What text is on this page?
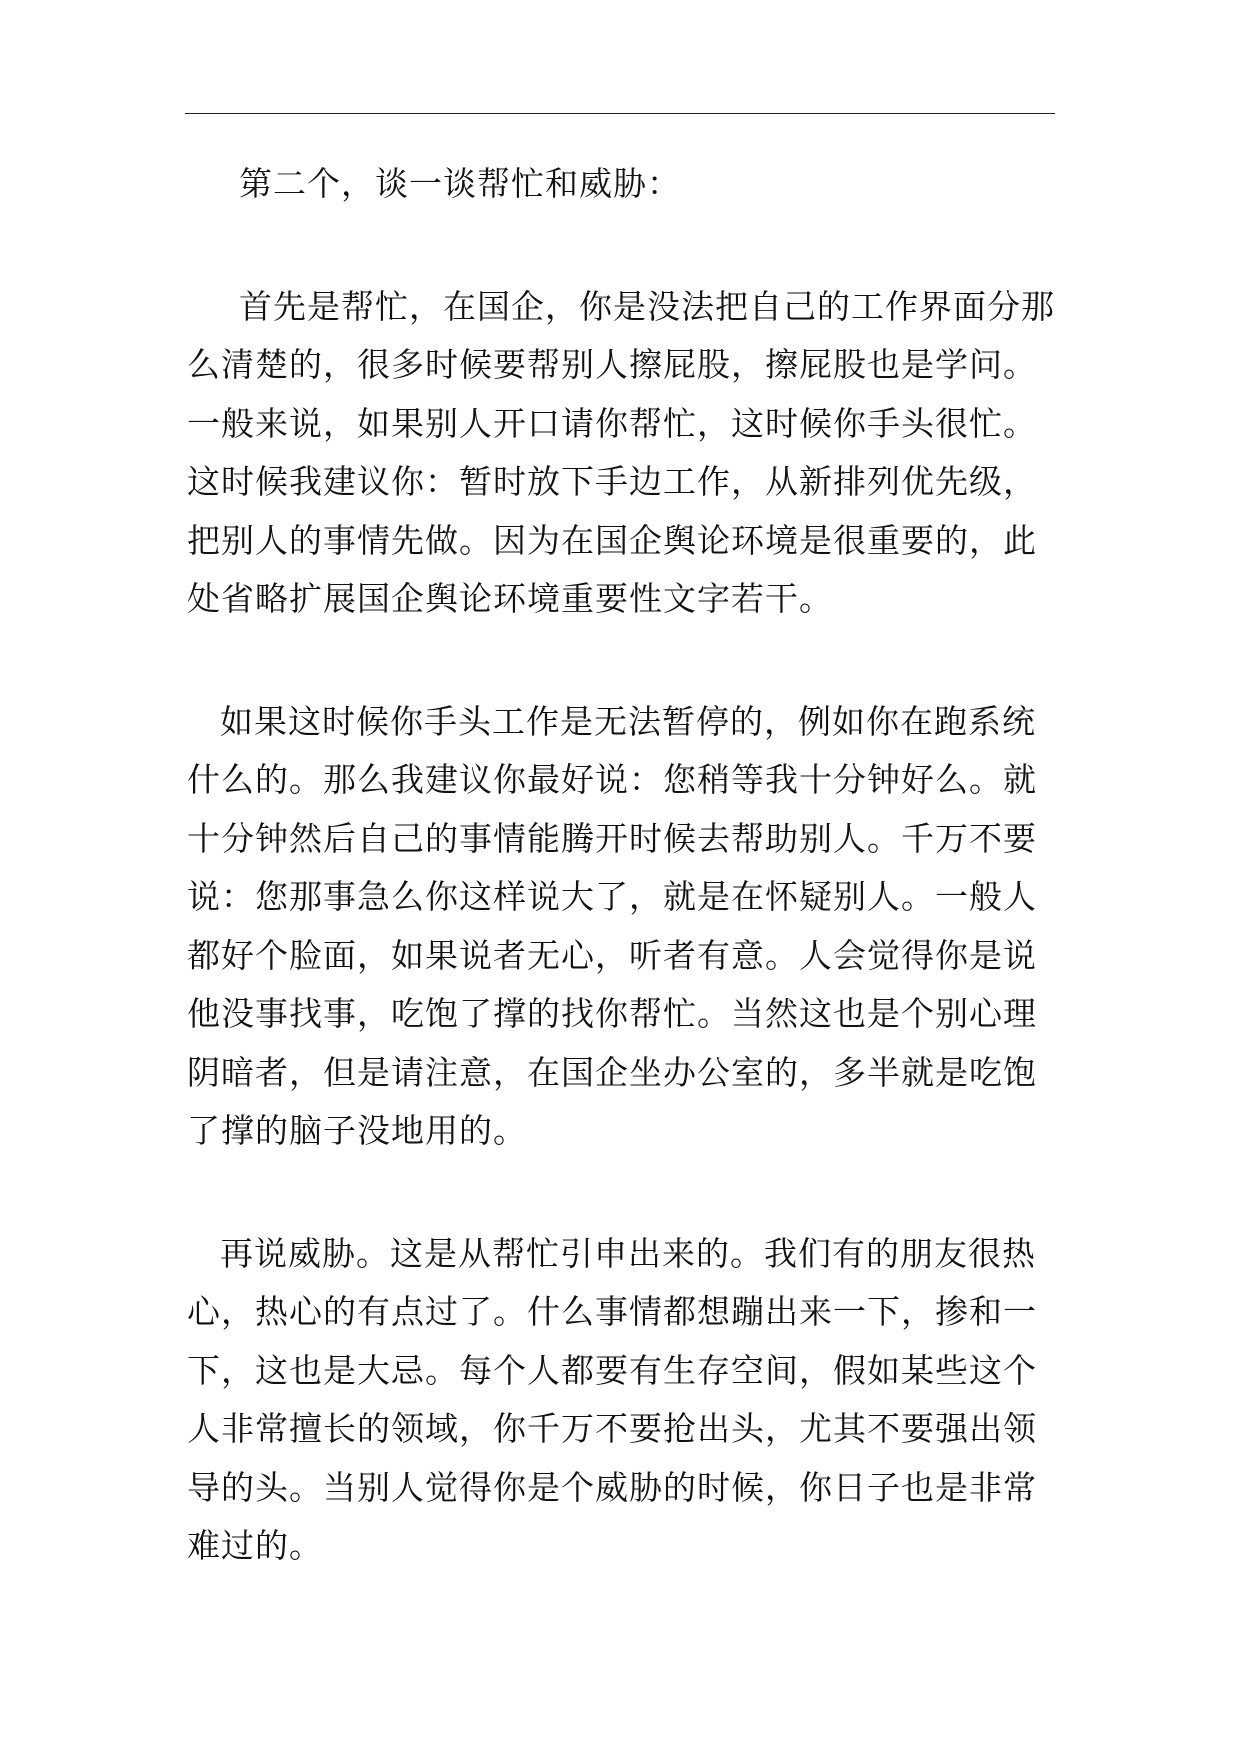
第二个，谈一谈帮忙和威胁：

首先是帮忙，在国企，你是没法把自己的工作界面分那么清楚的，很多时候要帮别人擦屁股，擦屁股也是学问。一般来说，如果别人开口请你帮忙，这时候你手头很忙。这时候我建议你：暂时放下手边工作，从新排列优先级，把别人的事情先做。因为在国企舆论环境是很重要的，此处省略扩展国企舆论环境重要性文字若干。

如果这时候你手头工作是无法暂停的，例如你在跑系统什么的。那么我建议你最好说：您稍等我十分钟好么。就十分钟然后自己的事情能腾开时候去帮助别人。千万不要说：您那事急么你这样说大了，就是在怀疑别人。一般人都好个脸面，如果说者无心，听者有意。人会觉得你是说他没事找事，吃饱了撑的找你帮忙。当然这也是个别心理阴暗者，但是请注意，在国企坐办公室的，多半就是吃饱了撑的脑子没地用的。

再说威胁。这是从帮忙引申出来的。我们有的朋友很热心，热心的有点过了。什么事情都想蹦出来一下，掺和一下，这也是大忌。每个人都要有生存空间，假如某些这个人非常擅长的领域，你千万不要抢出头，尤其不要强出领导的头。当别人觉得你是个威胁的时候，你日子也是非常难过的。
